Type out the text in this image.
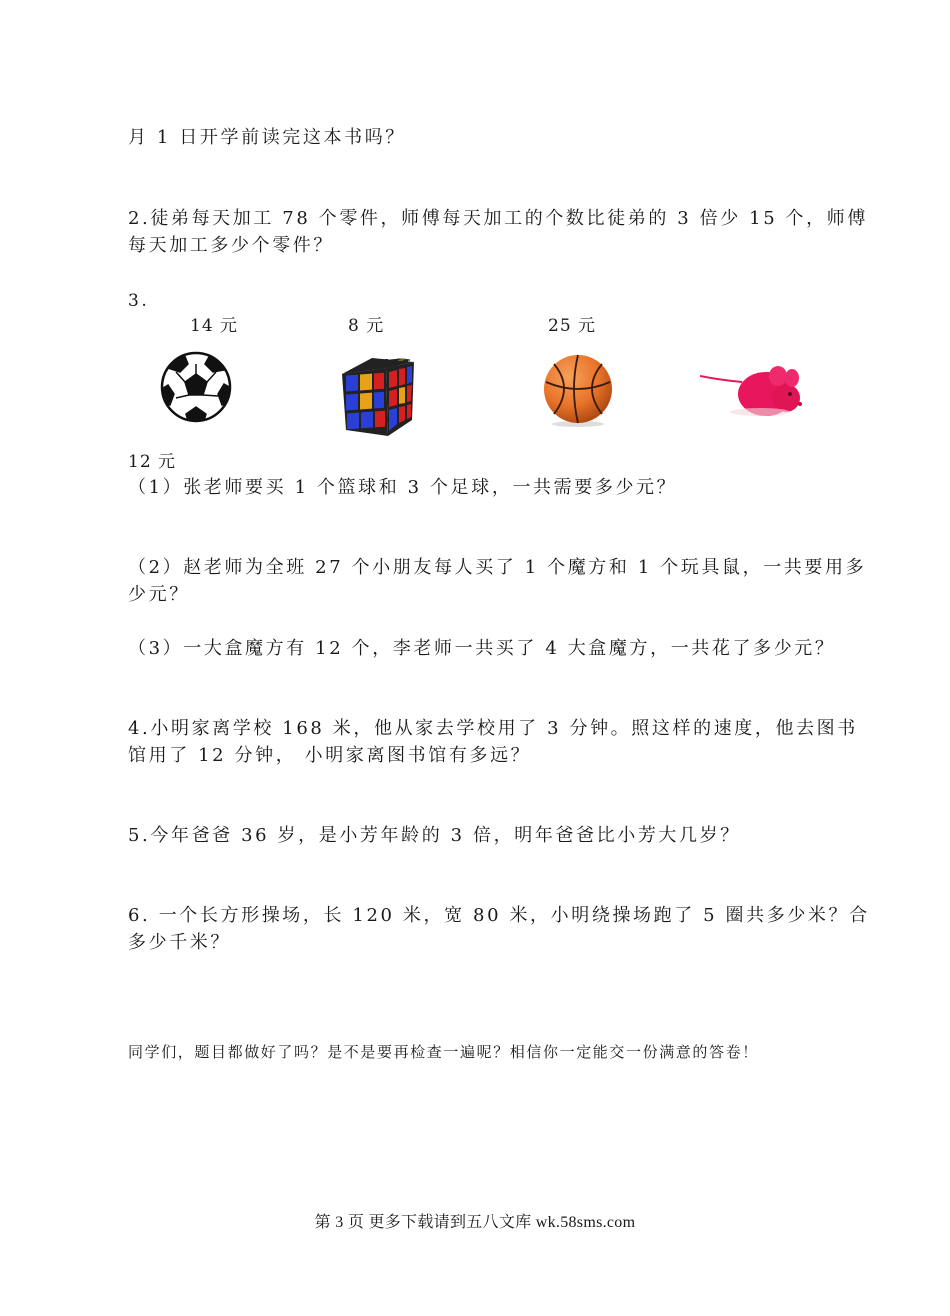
月 1 日开学前读完这本书吗？
2.徒弟每天加工 78 个零件，师傅每天加工的个数比徒弟的 3 倍少 15 个，师傅
每天加工多少个零件？
3.
14 元	8 元	25 元
12 元
（1）张老师要买 1 个篮球和 3 个足球，一共需要多少元？
（2）赵老师为全班 27 个小朋友每人买了 1 个魔方和 1 个玩具鼠，一共要用多
少元？
（3）一大盒魔方有 12 个，李老师一共买了 4 大盒魔方，一共花了多少元？
4.小明家离学校 168 米，他从家去学校用了 3 分钟。照这样的速度，他去图书
馆用了 12 分钟， 小明家离图书馆有多远？
5.今年爸爸 36 岁，是小芳年龄的 3 倍，明年爸爸比小芳大几岁？
6. 一个长方形操场，长 120 米，宽 80 米，小明绕操场跑了 5 圈共多少米？合
多少千米？
同学们，题目都做好了吗？是不是要再检查一遍呢？相信你一定能交一份满意的答卷！
第 3 页 更多下载请到五八文库 wk.58sms.com
